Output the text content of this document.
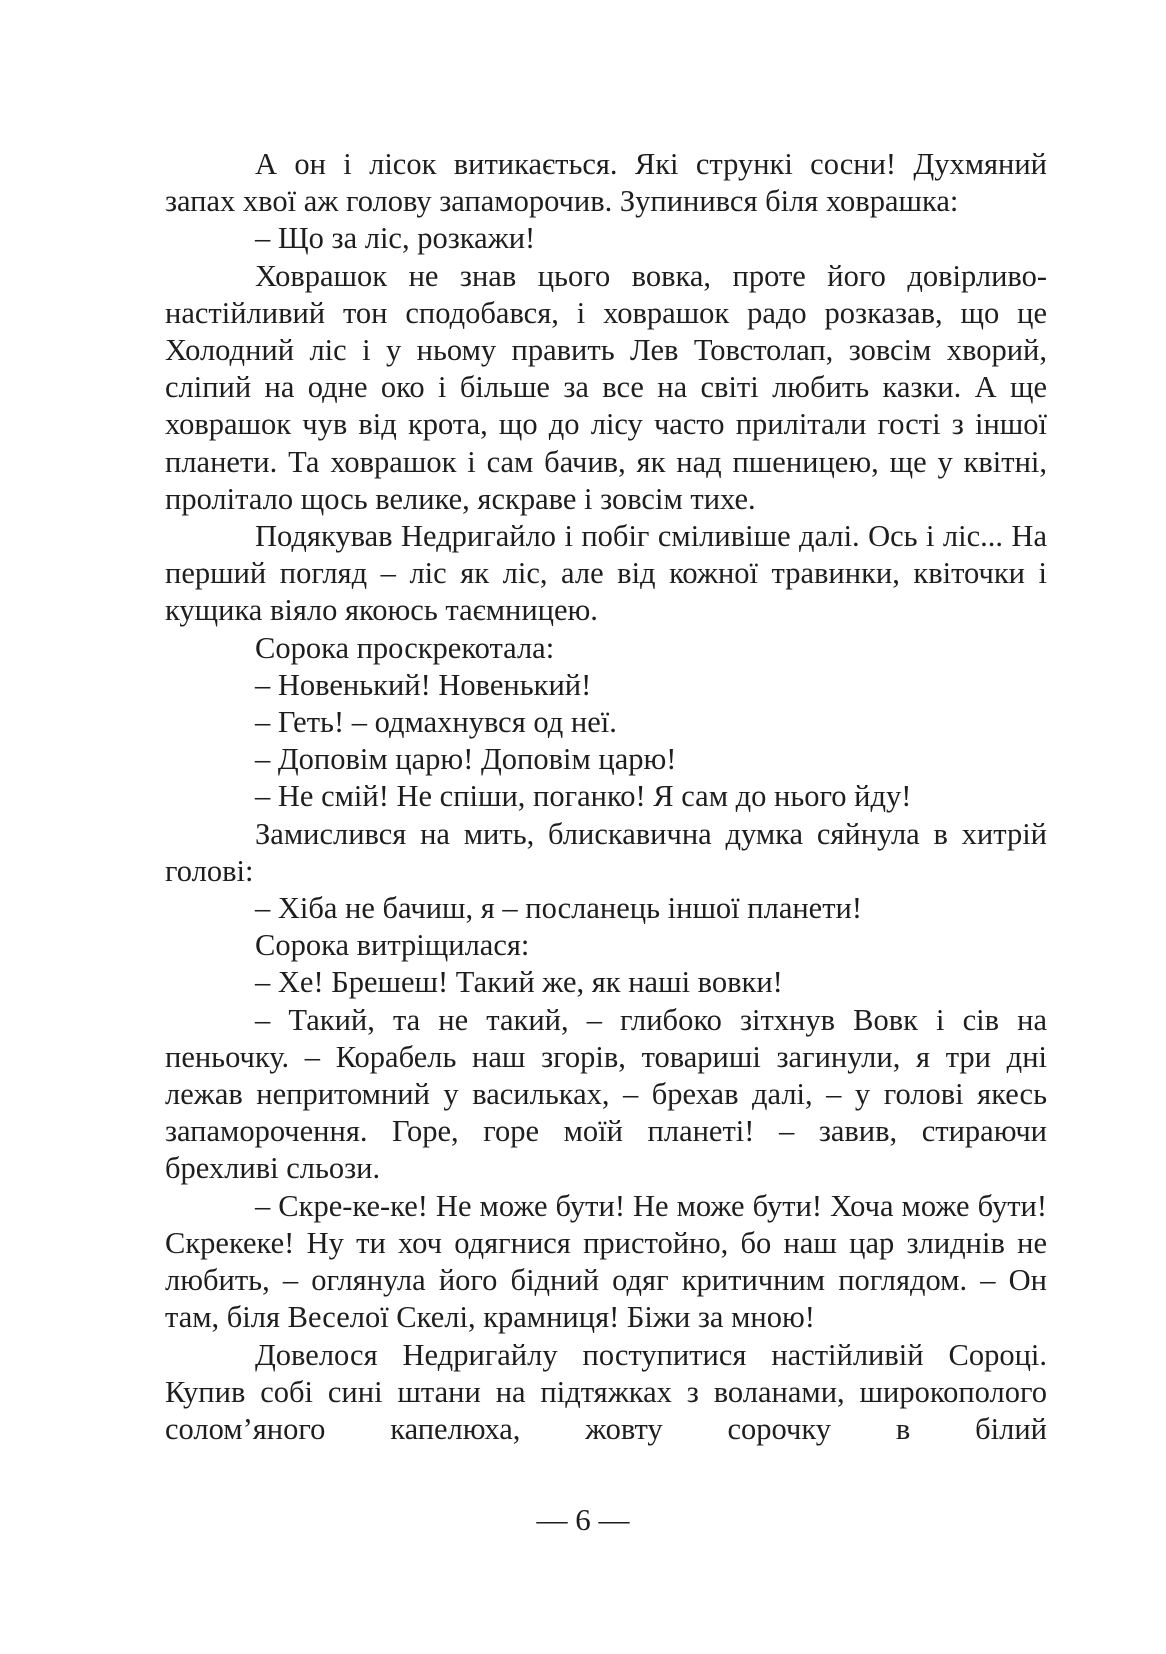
А он і лісок витикається. Які стрункі сосни! Духмяний запах хвої аж голову запаморочив. Зупинився біля ховрашка:

– Що за ліс, розкажи!

Ховрашок не знав цього вовка, проте його довірливо-настійливий тон сподобався, і ховрашок радо розказав, що це Холодний ліс і у ньому править Лев Товстолап, зовсім хворий, сліпий на одне око і більше за все на світі любить казки. А ще ховрашок чув від крота, що до лісу часто прилітали гості з іншої планети. Та ховрашок і сам бачив, як над пшеницею, ще у квітні, пролітало щось велике, яскраве і зовсім тихе.

Подякував Недригайло і побіг сміливіше далі. Ось і ліс... На перший погляд – ліс як ліс, але від кожної травинки, квіточки і кущика віяло якоюсь таємницею.

Сорока проскрекотала:

– Новенький! Новенький!

– Геть! – одмахнувся од неї.

– Доповім царю! Доповім царю!

– Не смій! Не спіши, поганко! Я сам до нього йду!

Замислився на мить, блискавична думка сяйнула в хитрій голові:

– Хіба не бачиш, я – посланець іншої планети!

Сорока витріщилася:

– Хе! Брешеш! Такий же, як наші вовки!

– Такий, та не такий, – глибоко зітхнув Вовк і сів на пеньочку. – Корабель наш згорів, товариші загинули, я три дні лежав непритомний у васильках, – брехав далі, – у голові якесь запаморочення. Горе, горе моїй планеті! – завив, стираючи брехливі сльози.

– Скре-ке-ке! Не може бути! Не може бути! Хоча може бути! Скрекеке! Ну ти хоч одягнися пристойно, бо наш цар злиднів не любить, – оглянула його бідний одяг критичним поглядом. – Он там, біля Веселої Скелі, крамниця! Біжи за мною!

Довелося Недригайлу поступитися настійливій Сороці. Купив собі сині штани на підтяжках з воланами, широкополого солом’яного капелюха, жовту сорочку в білий

— 6 —
